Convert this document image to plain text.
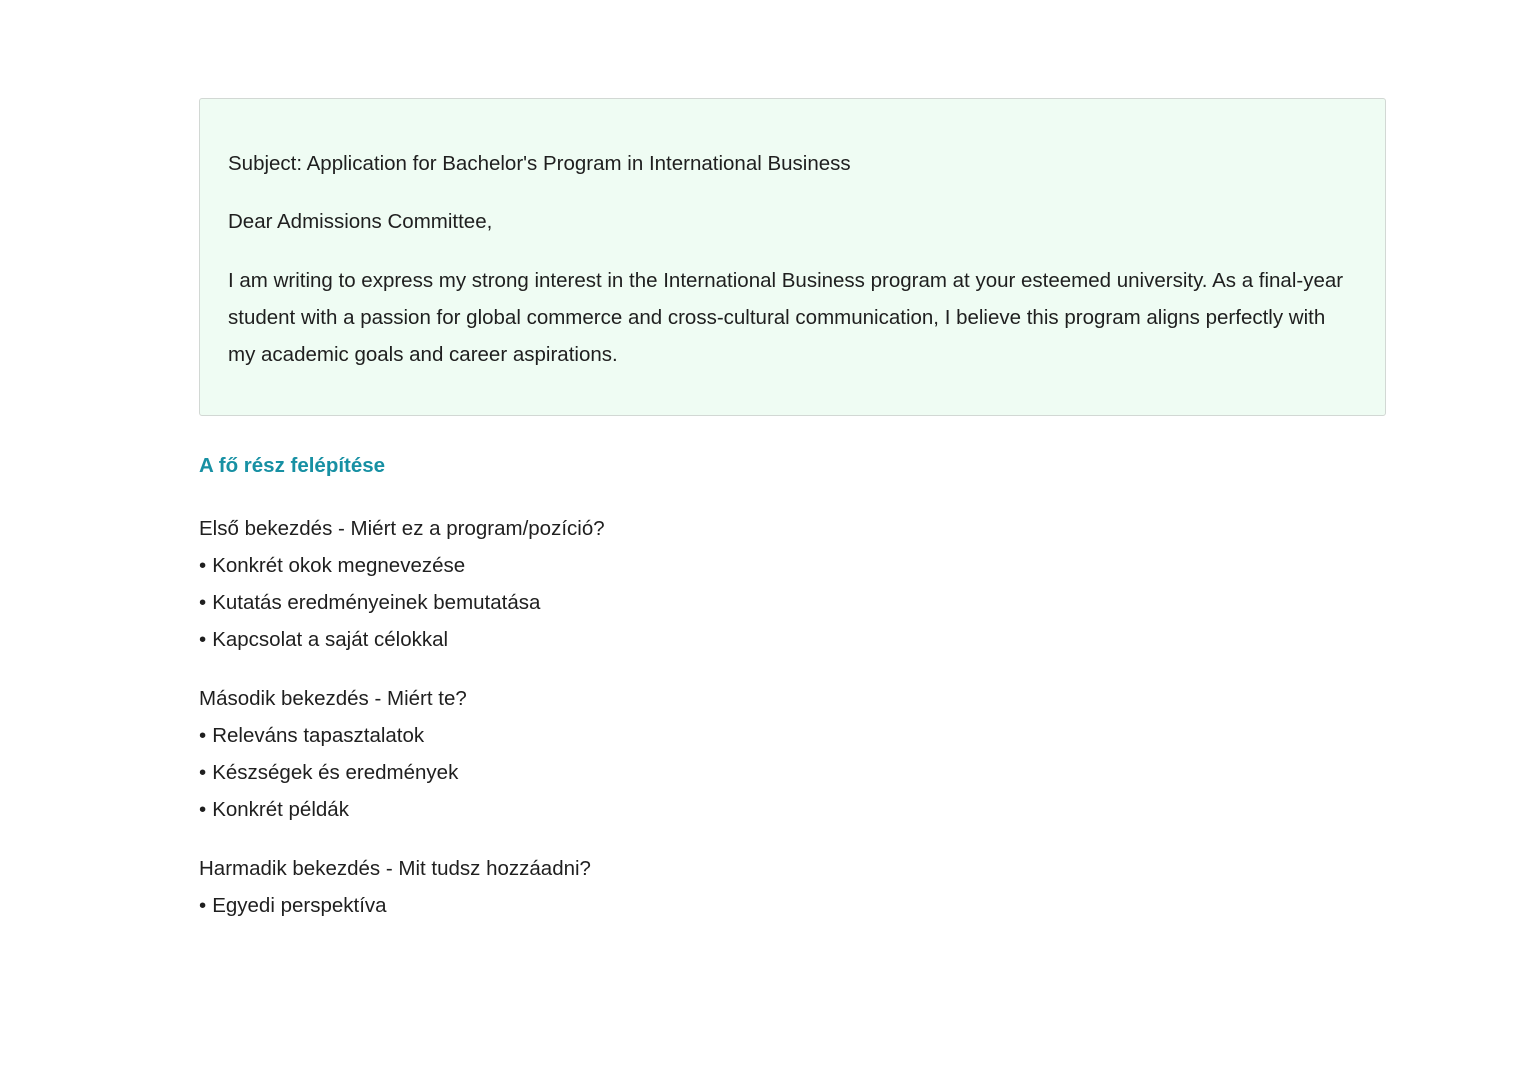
Subject: Application for Bachelor's Program in International Business

Dear Admissions Committee,

I am writing to express my strong interest in the International Business program at your esteemed university. As a final-year student with a passion for global commerce and cross-cultural communication, I believe this program aligns perfectly with my academic goals and career aspirations.

A fő rész felépítése

Első bekezdés - Miért ez a program/pozíció?

• Konkrét okok megnevezése

• Kutatás eredményeinek bemutatása

• Kapcsolat a saját célokkal

Második bekezdés - Miért te?

• Releváns tapasztalatok

• Készségek és eredmények

• Konkrét példák

Harmadik bekezdés - Mit tudsz hozzáadni?

• Egyedi perspektíva
